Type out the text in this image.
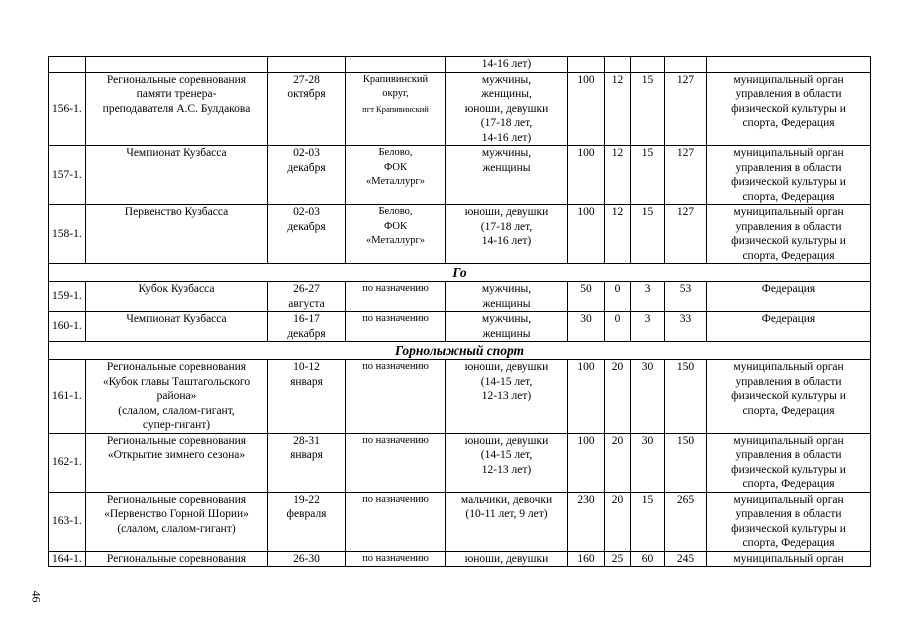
				14-16 лет)					
156-1.	Региональные соревнования
памяти тренера-
преподавателя А.С. Булдакова	27-28
октября	Крапивинский
округ,
пгт Крапивинский	мужчины,
женщины,
юноши, девушки
(17-18 лет,
14-16 лет)	100	12	15	127	муниципальный орган
управления в области
физической культуры и
спорта, Федерация
157-1.	Чемпионат Кузбасса	02-03
декабря	Белово,
ФОК
«Металлург»	мужчины,
женщины	100	12	15	127	муниципальный орган
управления в области
физической культуры и
спорта, Федерация
158-1.	Первенство Кузбасса	02-03
декабря	Белово,
ФОК
«Металлург»	юноши, девушки
(17-18 лет,
14-16 лет)	100	12	15	127	муниципальный орган
управления в области
физической культуры и
спорта, Федерация
Го									
159-1.	Кубок Кузбасса	26-27
августа	по назначению	мужчины,
женщины	50	0	3	53	Федерация
160-1.	Чемпионат Кузбасса	16-17
декабря	по назначению	мужчины,
женщины	30	0	3	33	Федерация
Горнолыжный спорт									
161-1.	Региональные соревнования
«Кубок главы Таштагольского
района»
(слалом, слалом-гигант,
супер-гигант)	10-12
января	по назначению	юноши, девушки
(14-15 лет,
12-13 лет)	100	20	30	150	муниципальный орган
управления в области
физической культуры и
спорта, Федерация
162-1.	Региональные соревнования
«Открытие зимнего сезона»	28-31
января	по назначению	юноши, девушки
(14-15 лет,
12-13 лет)	100	20	30	150	муниципальный орган
управления в области
физической культуры и
спорта, Федерация
163-1.	Региональные соревнования
«Первенство Горной Шории»
(слалом, слалом-гигант)	19-22
февраля	по назначению	мальчики, девочки
(10-11 лет, 9 лет)	230	20	15	265	муниципальный орган
управления в области
физической культуры и
спорта, Федерация
164-1.	Региональные соревнования	26-30	по назначению	юноши, девушки	160	25	60	245	муниципальный орган
46
